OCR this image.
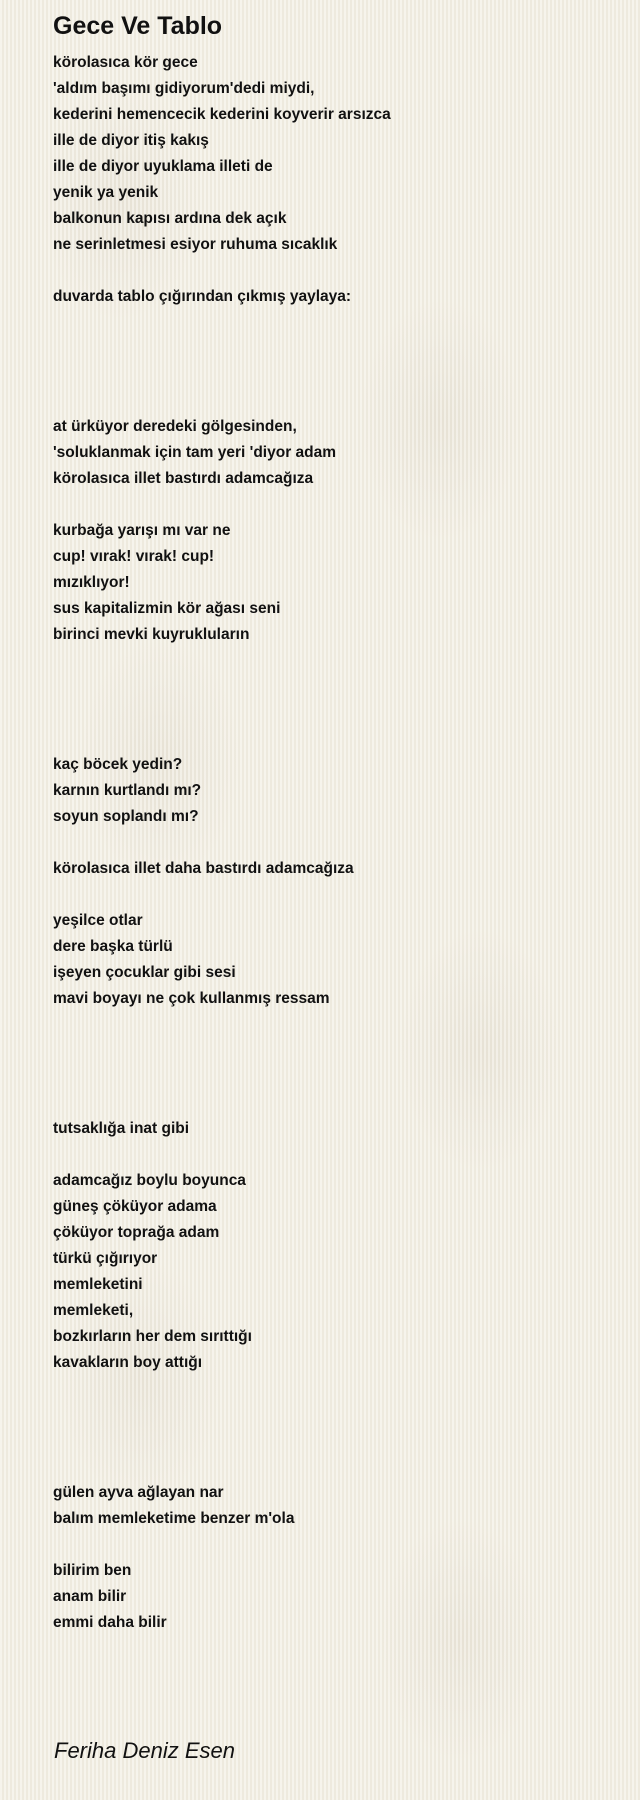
Gece Ve Tablo
körolasıca kör gece
'aldım başımı gidiyorum'dedi miydi,
kederini hemencecik kederini koyverir arsızca
ille de diyor itiş kakış
ille de diyor uyuklama illeti de
yenik ya yenik
balkonun kapısı ardına dek açık
ne serinletmesi esiyor ruhuma sıcaklık
duvarda tablo çığırından çıkmış yaylaya:
at ürküyor deredeki gölgesinden,
'soluklanmak için tam yeri 'diyor adam
körolasıca illet bastırdı adamcağıza
kurbağa yarışı mı var ne
cup! vırak! vırak! cup!
mızıklıyor!
sus kapitalizmin kör ağası seni
birinci mevki kuyrukluların
kaç böcek yedin?
karnın kurtlandı mı?
soyun soplandı mı?
körolasıca illet daha bastırdı adamcağıza
yeşilce otlar
dere başka türlü
işeyen çocuklar gibi sesi
mavi boyayı ne çok kullanmış ressam
tutsaklığa inat gibi
adamcağız boylu boyunca
güneş çöküyor adama
çöküyor toprağa adam
türkü çığırıyor
memleketini
memleketi,
bozkırların her dem sırıttığı
kavakların boy attığı
gülen ayva ağlayan nar
balım memleketime benzer m'ola
bilirim ben
anam bilir
emmi daha bilir
Feriha Deniz Esen
